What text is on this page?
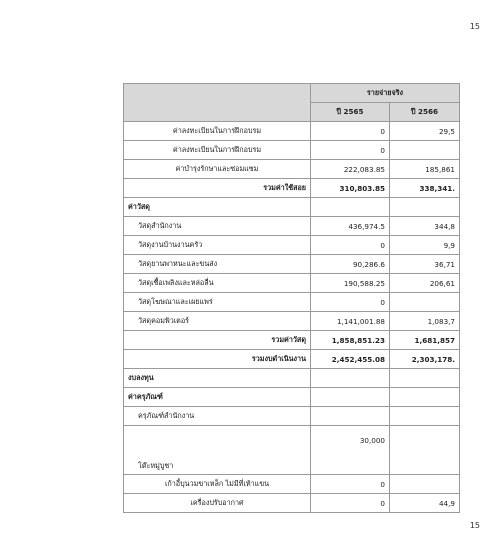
15
	รายจ่ายจริง	
	ปี 2565	ปี 2566
ค่าลงทะเบียนในการฝึกอบรม	0	29,5
ค่าลงทะเบียนในการฝึกอบรม	0	
ค่าบำรุงรักษาและซ่อมแซม	222,083.85	185,861
รวมค่าใช้สอย	310,803.85	338,341.
ค่าวัสดุ		
วัสดุสำนักงาน	436,974.5	344,8
วัสดุงานบ้านงานครัว	0	9,9
วัสดุยานพาหนะและขนส่ง	90,286.6	36,71
วัสดุเชื้อเพลิงและหล่อลื่น	190,588.25	206,61
วัสดุโฆษณาและเผยแพร่	0	
วัสดุคอมพิวเตอร์	1,141,001.88	1,083,7
รวมค่าวัสดุ	1,858,851.23	1,681,857
รวมงบดำเนินงาน	2,452,455.08	2,303,178.
งบลงทุน		
ค่าครุภัณฑ์		
ครุภัณฑ์สำนักงาน		
โต๊ะหมู่บูชา	30,000	
เก้าอี้บุนวมขาเหล็ก ไม่มีที่เท้าแขน	0	
เครื่องปรับอากาศ	0	44,9
15
